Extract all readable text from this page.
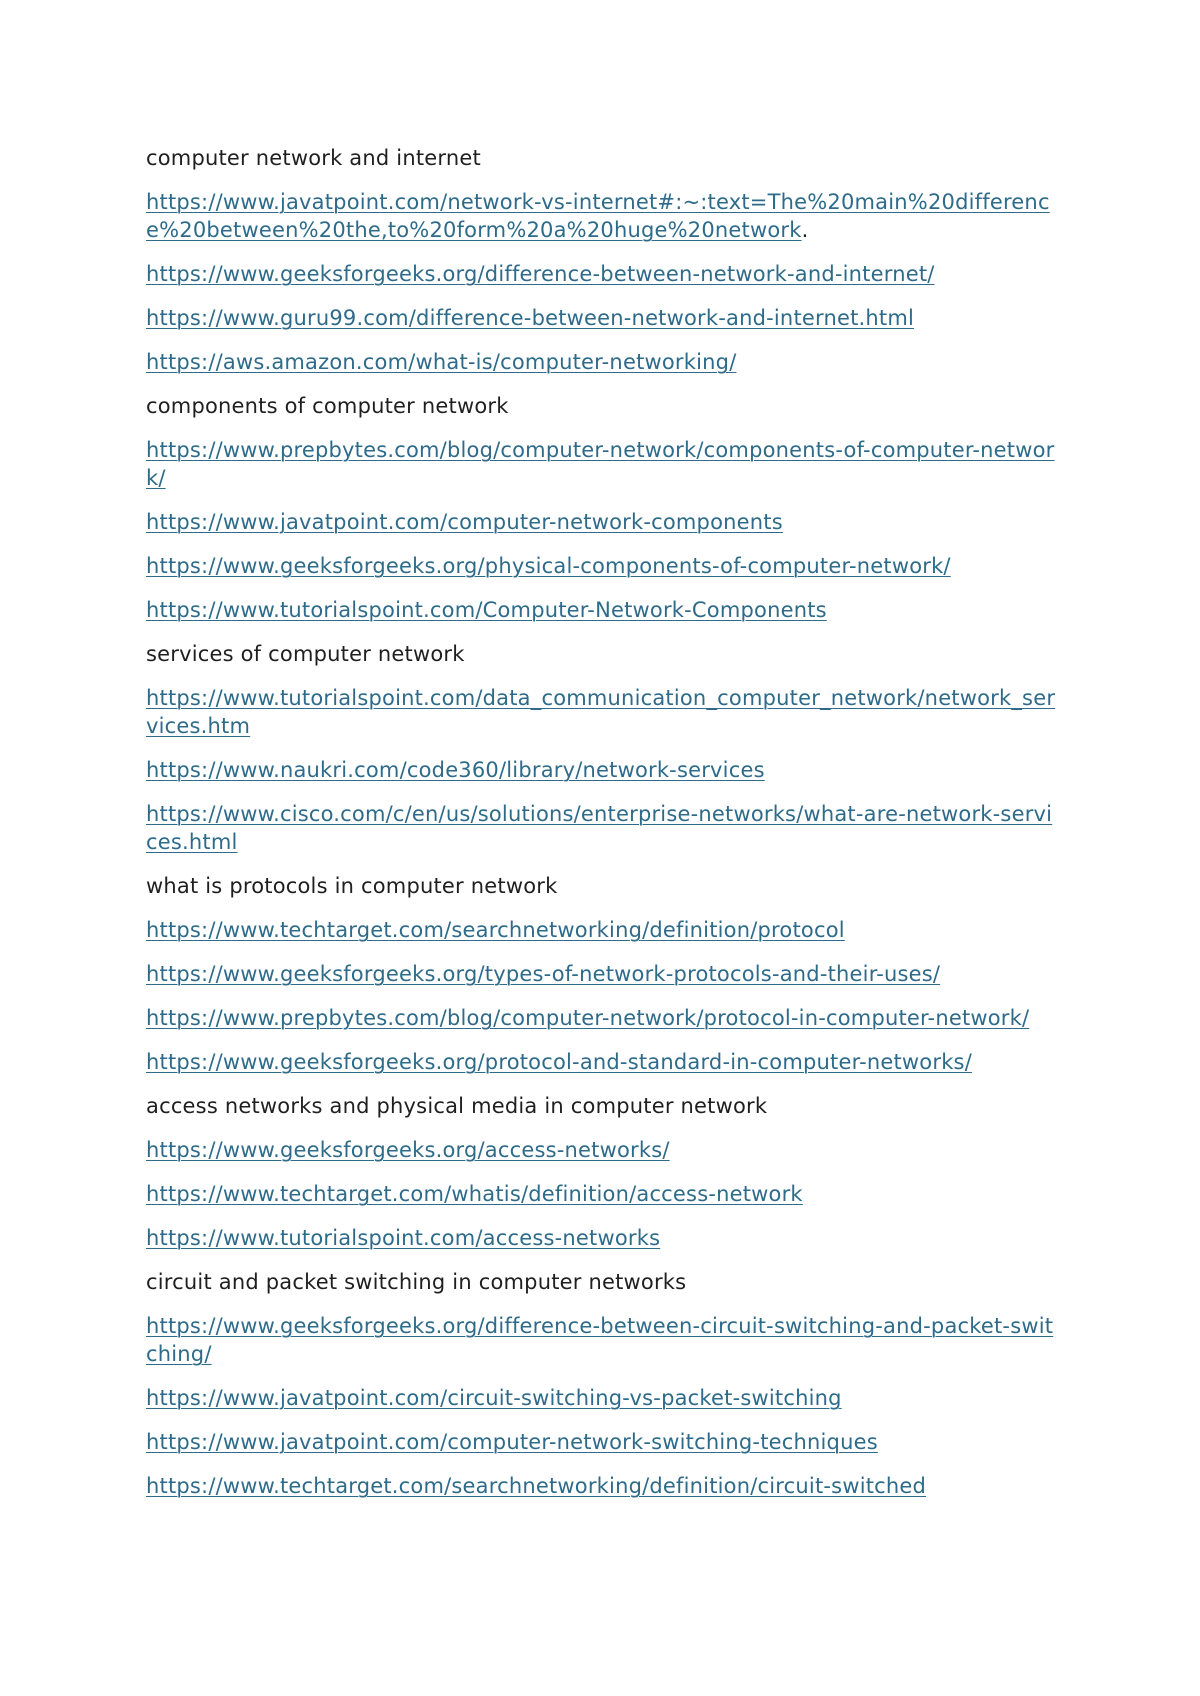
computer network and internet

https://www.javatpoint.com/network-vs-internet#:~:text=The%20main%20difference%20between%20the,to%20form%20a%20huge%20network.

https://www.geeksforgeeks.org/difference-between-network-and-internet/

https://www.guru99.com/difference-between-network-and-internet.html

https://aws.amazon.com/what-is/computer-networking/

components of computer network

https://www.prepbytes.com/blog/computer-network/components-of-computer-network/

https://www.javatpoint.com/computer-network-components

https://www.geeksforgeeks.org/physical-components-of-computer-network/

https://www.tutorialspoint.com/Computer-Network-Components

services of computer network

https://www.tutorialspoint.com/data_communication_computer_network/network_services.htm

https://www.naukri.com/code360/library/network-services

https://www.cisco.com/c/en/us/solutions/enterprise-networks/what-are-network-services.html

what is protocols in computer network

https://www.techtarget.com/searchnetworking/definition/protocol

https://www.geeksforgeeks.org/types-of-network-protocols-and-their-uses/

https://www.prepbytes.com/blog/computer-network/protocol-in-computer-network/

https://www.geeksforgeeks.org/protocol-and-standard-in-computer-networks/

access networks and physical media in computer network

https://www.geeksforgeeks.org/access-networks/

https://www.techtarget.com/whatis/definition/access-network

https://www.tutorialspoint.com/access-networks

circuit and packet switching in computer networks

https://www.geeksforgeeks.org/difference-between-circuit-switching-and-packet-switching/

https://www.javatpoint.com/circuit-switching-vs-packet-switching

https://www.javatpoint.com/computer-network-switching-techniques

https://www.techtarget.com/searchnetworking/definition/circuit-switched
